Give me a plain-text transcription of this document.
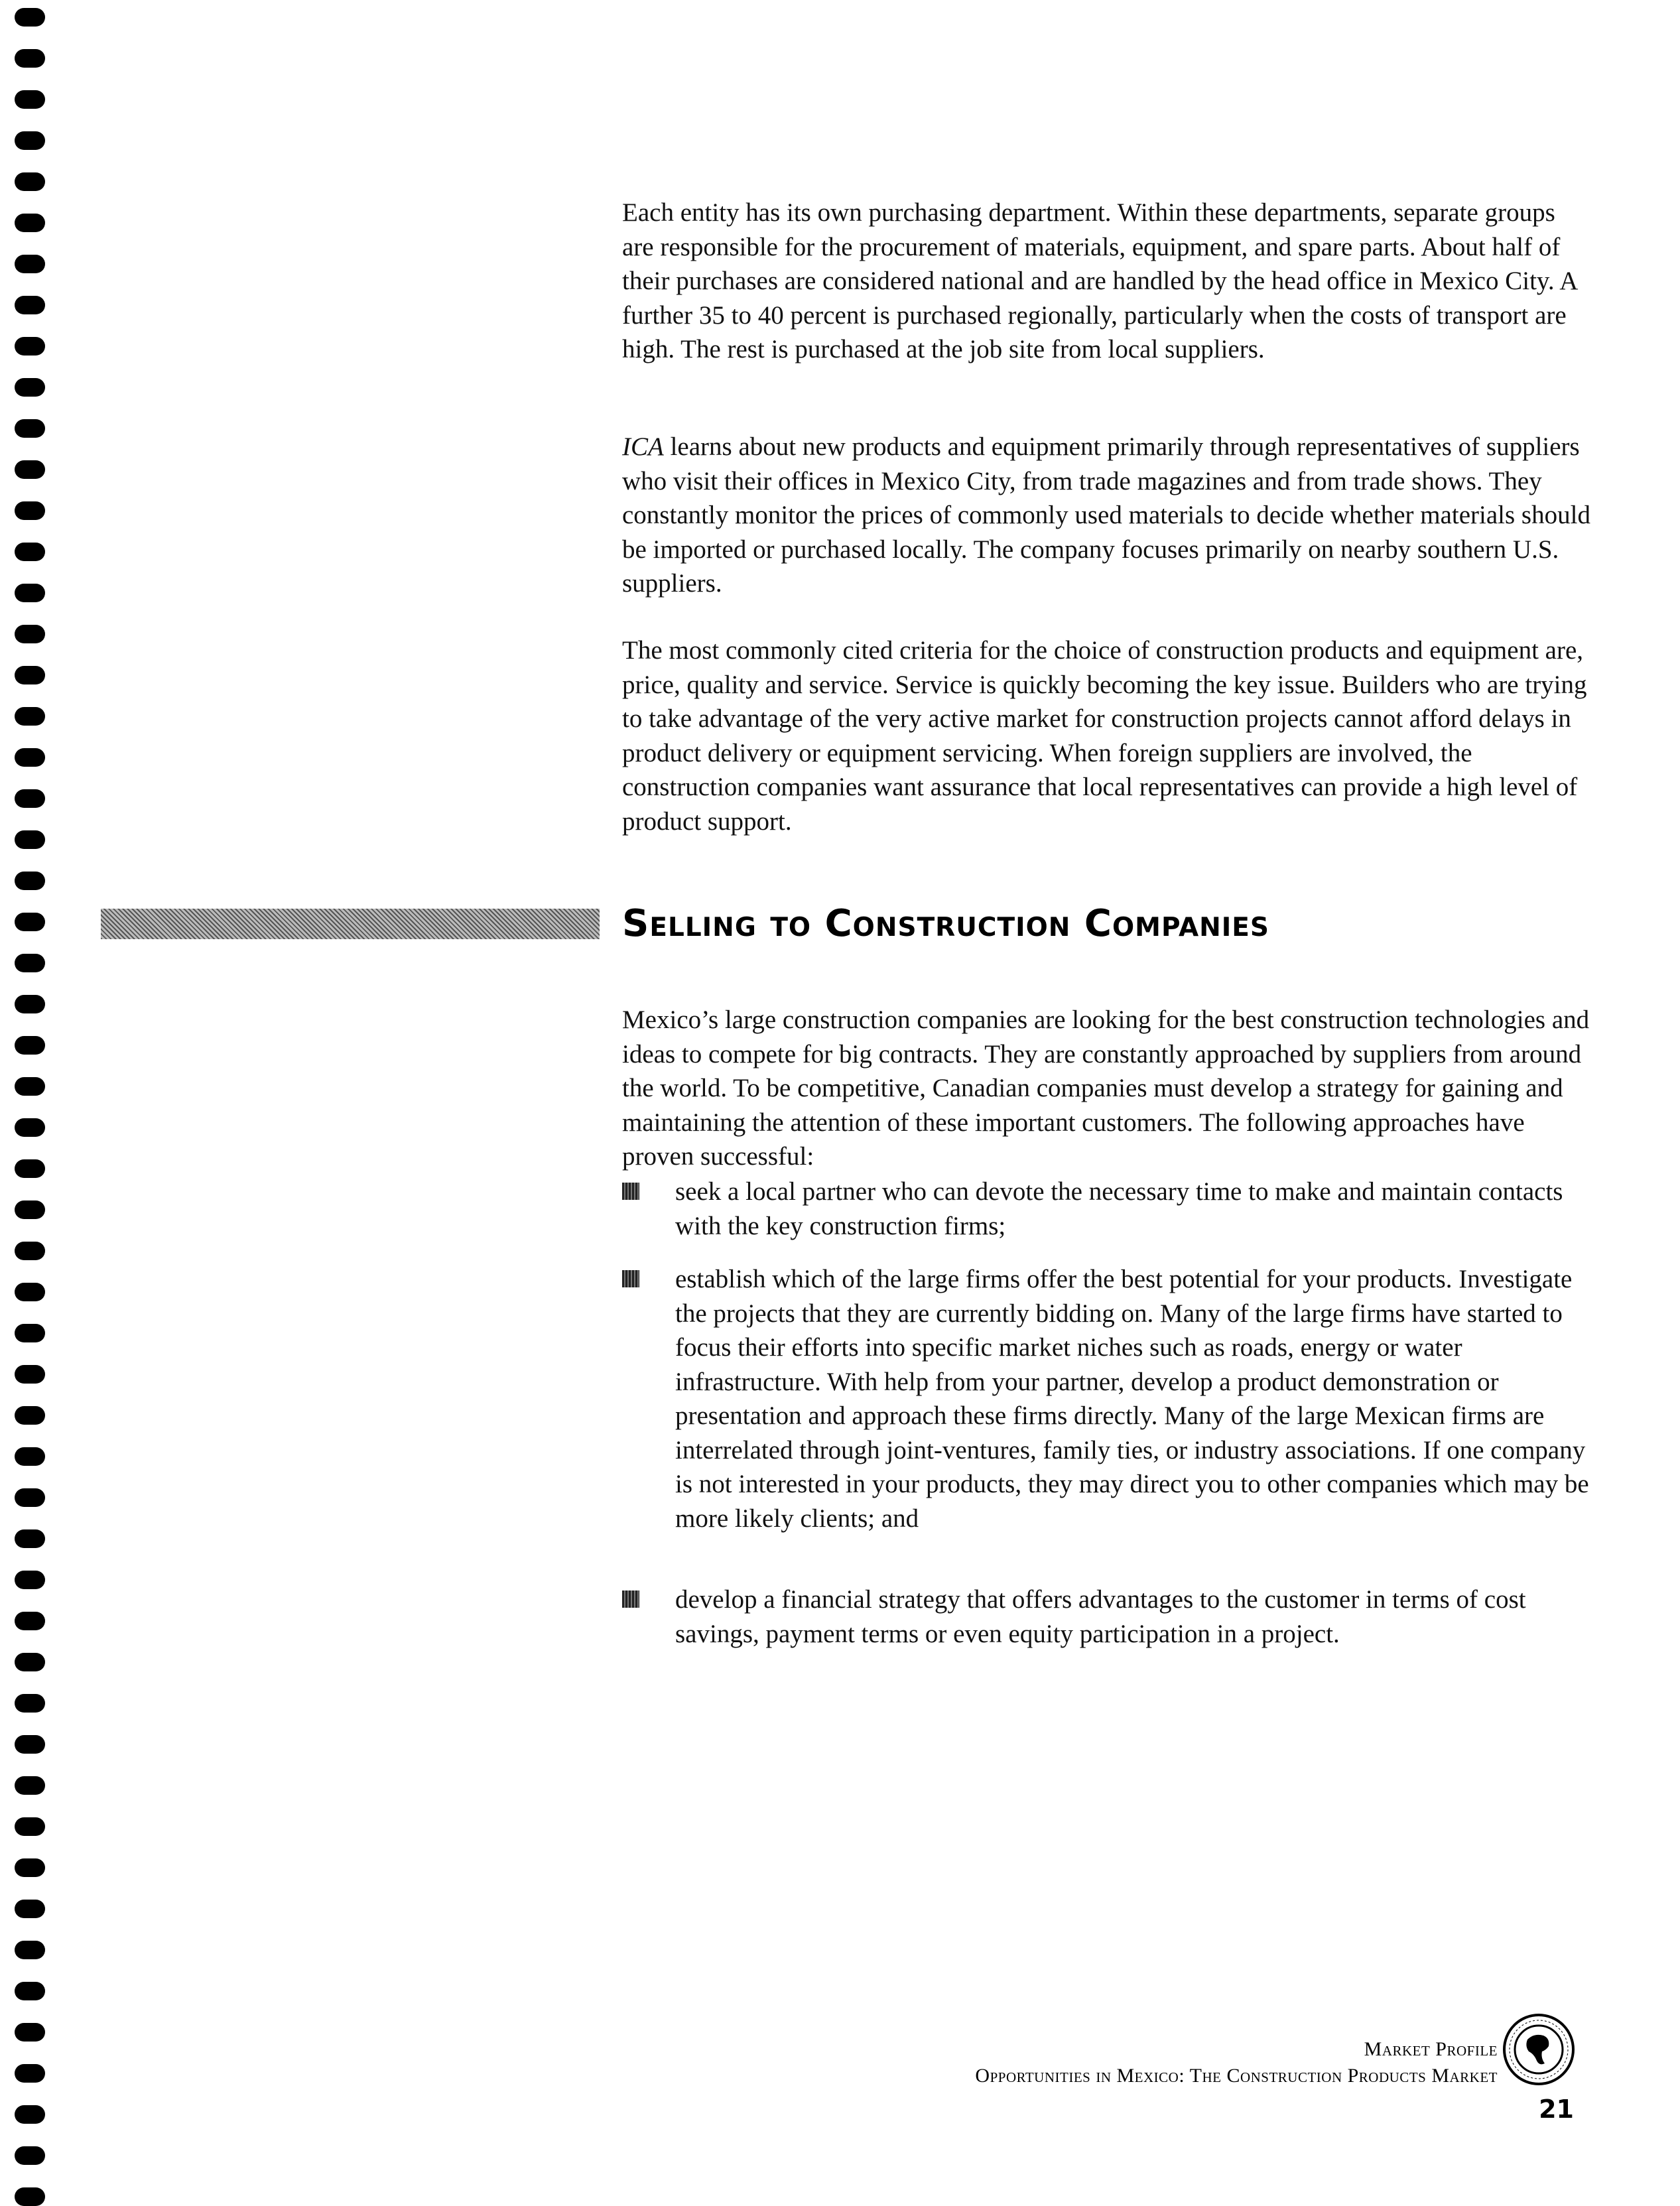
Each entity has its own purchasing department. Within these departments, separate groups are responsible for the procurement of materials, equipment, and spare parts. About half of their purchases are considered national and are handled by the head office in Mexico City. A further 35 to 40 percent is purchased regionally, particularly when the costs of transport are high. The rest is purchased at the job site from local suppliers.

ICA learns about new products and equipment primarily through representatives of suppliers who visit their offices in Mexico City, from trade magazines and from trade shows. They constantly monitor the prices of commonly used materials to decide whether materials should be imported or purchased locally. The company focuses primarily on nearby southern U.S. suppliers.

The most commonly cited criteria for the choice of construction products and equipment are, price, quality and service. Service is quickly becoming the key issue. Builders who are trying to take advantage of the very active market for construction projects cannot afford delays in product delivery or equipment servicing. When foreign suppliers are involved, the construction companies want assurance that local representatives can provide a high level of product support.

Mexico’s large construction companies are looking for the best construction technologies and ideas to compete for big contracts. They are constantly approached by suppliers from around the world. To be competitive, Canadian companies must develop a strategy for gaining and maintaining the attention of these important customers. The following approaches have proven successful:

seek a local partner who can devote the necessary time to make and maintain contacts with the key construction firms;

establish which of the large firms offer the best potential for your products. Investigate the projects that they are currently bidding on. Many of the large firms have started to focus their efforts into specific market niches such as roads, energy or water infrastructure. With help from your partner, develop a product demonstration or presentation and approach these firms directly. Many of the large Mexican firms are interrelated through joint-ventures, family ties, or industry associations. If one company is not interested in your products, they may direct you to other companies which may be more likely clients; and

develop a financial strategy that offers advantages to the customer in terms of cost savings, payment terms or even equity participation in a project.

Selling to Construction Companies
Market Profile
Opportunities in Mexico: The Construction Products Market
21
